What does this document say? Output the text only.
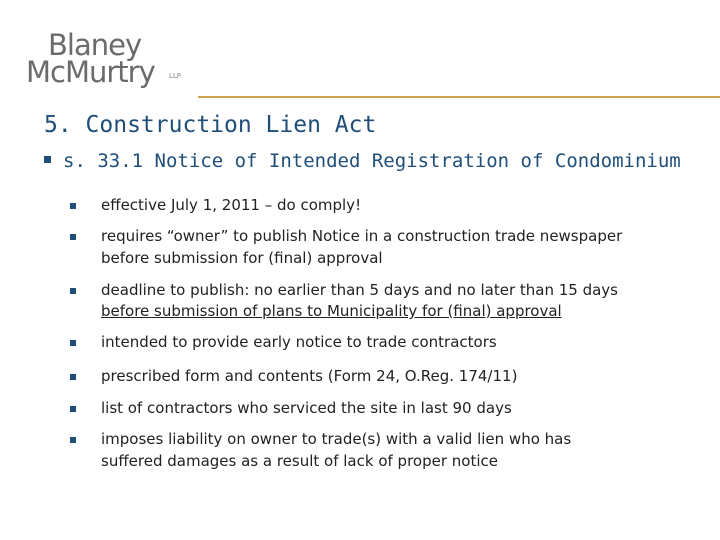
Blaney
McMurtry LLP
5. Construction Lien Act
s. 33.1 Notice of Intended Registration of Condominium
effective July 1, 2011 – do comply!
requires “owner” to publish Notice in a construction trade newspaper before submission for (final) approval
deadline to publish: no earlier than 5 days and no later than 15 days
before submission of plans to Municipality for (final) approval
intended to provide early notice to trade contractors
prescribed form and contents (Form 24, O.Reg. 174/11)
list of contractors who serviced the site in last 90 days
imposes liability on owner to trade(s) with a valid lien who has suffered damages as a result of lack of proper notice
